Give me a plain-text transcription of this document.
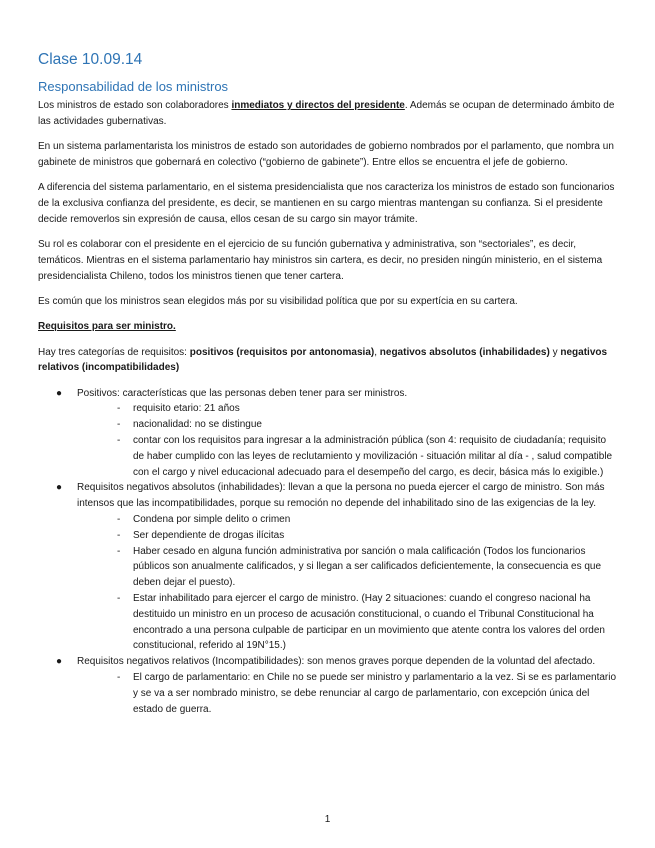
Clase 10.09.14
Responsabilidad de los ministros

Los ministros de estado son colaboradores inmediatos y directos del presidente. Además se ocupan de determinado ámbito de las actividades gubernativas.

En un sistema parlamentarista los ministros de estado son autoridades de gobierno nombrados por el parlamento, que nombra un gabinete de ministros que gobernará en colectivo (“gobierno de gabinete”). Entre ellos se encuentra el jefe de gobierno.

A diferencia del sistema parlamentario, en el sistema presidencialista que nos caracteriza los ministros de estado son funcionarios de la exclusiva confianza del presidente, es decir, se mantienen en su cargo mientras mantengan su confianza. Si el presidente decide removerlos sin expresión de causa, ellos cesan de su cargo sin mayor trámite.

Su rol es colaborar con el presidente en el ejercicio de su función gubernativa y administrativa, son “sectoriales”, es decir, temáticos. Mientras en el sistema parlamentario hay ministros sin cartera, es decir, no presiden ningún ministerio, en el sistema presidencialista Chileno, todos los ministros tienen que tener cartera.

Es común que los ministros sean elegidos más por su visibilidad política que por su expertícia en su cartera.

Requisitos para ser ministro.

Hay tres categorías de requisitos: positivos (requisitos por antonomasia), negativos absolutos (inhabilidades) y negativos relativos (incompatibilidades)

● Positivos: características que las personas deben tener para ser ministros.
- requisito etario: 21 años
- nacionalidad: no se distingue
- contar con los requisitos para ingresar a la administración pública (son 4: requisito de ciudadanía; requisito de haber cumplido con las leyes de reclutamiento y movilización - situación militar al día - , salud compatible con el cargo y nivel educacional adecuado para el desempeño del cargo, es decir, básica más lo exigible.)
● Requisitos negativos absolutos (inhabilidades): llevan a que la persona no pueda ejercer el cargo de ministro. Son más intensos que las incompatibilidades, porque su remoción no depende del inhabilitado sino de las exigencias de la ley.
- Condena por simple delito o crimen
- Ser dependiente de drogas ilícitas
- Haber cesado en alguna función administrativa por sanción o mala calificación (Todos los funcionarios públicos son anualmente calificados, y si llegan a ser calificados deficientemente, la consecuencia es que deben dejar el puesto).
- Estar inhabilitado para ejercer el cargo de ministro. (Hay 2 situaciones: cuando el congreso nacional ha destituido un ministro en un proceso de acusación constitucional, o cuando el Tribunal Constitucional ha encontrado a una persona culpable de participar en un movimiento que atente contra los valores del orden constitucional, referido al 19N°15.)
● Requisitos negativos relativos (Incompatibilidades): son menos graves porque dependen de la voluntad del afectado.
- El cargo de parlamentario: en Chile no se puede ser ministro y parlamentario a la vez. Si se es parlamentario y se va a ser nombrado ministro, se debe renunciar al cargo de parlamentario, con excepción única del estado de guerra.
1
